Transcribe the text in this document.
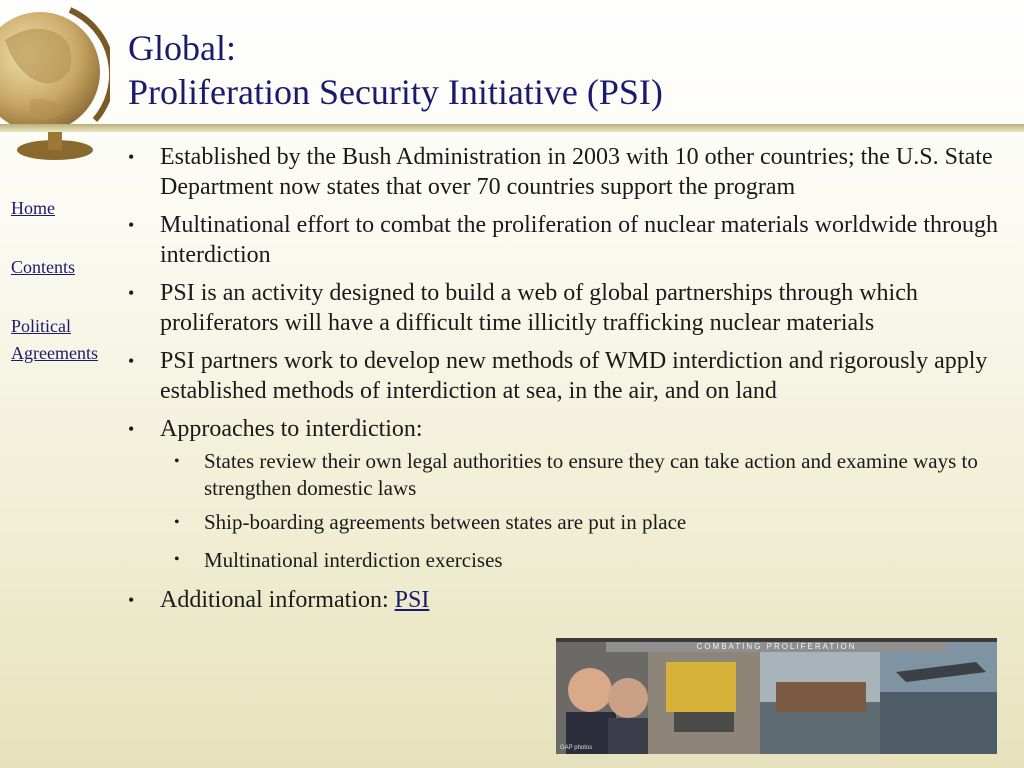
Global:
Proliferation Security Initiative (PSI)
Home
Contents
Political
Agreements
• Established by the Bush Administration in 2003 with 10 other countries; the U.S. State Department now states that over 70 countries support the program
• Multinational effort to combat the proliferation of nuclear materials worldwide through interdiction
• PSI is an activity designed to build a web of global partnerships through which proliferators will have a difficult time illicitly trafficking nuclear materials
• PSI partners work to develop new methods of WMD interdiction and rigorously apply established methods of interdiction at sea, in the air, and on land
• Approaches to interdiction:
• States review their own legal authorities to ensure they can take action and examine ways to strengthen domestic laws
• Ship-boarding agreements between states are put in place
• Multinational interdiction exercises
• Additional information: PSI
COMBATING PROLIFERATION
GAP photos
